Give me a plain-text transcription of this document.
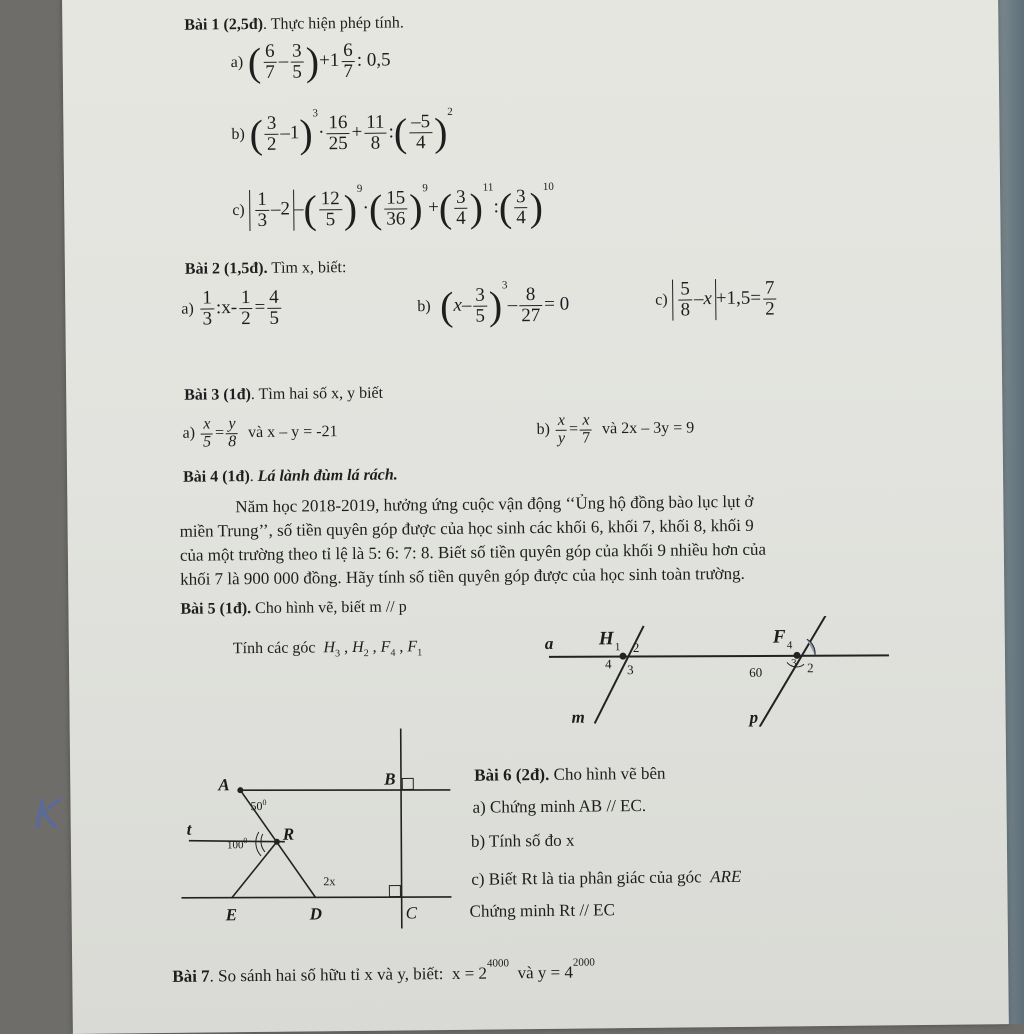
Bài 1 (2,5đ). Thực hiện phép tính.
a) ( $\frac{6}{7} - \frac{3}{5} )+1 \frac{6}{7}$ : 0,5
b) ( $\frac{3}{2} -1)^3\cdot \frac{16}{25} + \frac{11}{8}$ :( $\frac{-5}{4} )^2$
$c) \frac{1}{3} -2$ –( $\frac{12}{5} )^9\cdot( \frac{15}{36} )^9+( \frac{3}{4}$ )$^{11}:( \frac{3}{4} )^{10}$
Bài 2 (1,5đ). Tìm x, biết:
$a) \frac{1}{3}$ :x- $\frac{1}{2} = \frac{4}{5}$	b) $(x- \frac{3}{5} )^3- \frac{8}{27} = 0$	$c) \frac{5}{8} -x +1,5= \frac{7}{2}$
Bài 3 (1đ). Tìm hai số x, y biết
$a) \frac{x}{5} = \frac{y}{8}$ và x – y = -21	$b) \frac{x}{y} = \frac{x}{7}$ và 2x – 3y = 9
Bài 4 (1đ). Lá lành đùm lá rách.
Năm học 2018-2019, hưởng ứng cuộc vận động ‘‘Ủng hộ đồng bào lục lụt ở
miền Trung’’, số tiền quyên góp được của học sinh các khối 6, khối 7, khối 8, khối 9
của một trường theo tỉ lệ là 5: 6: 7: 8. Biết số tiền quyên góp của khối 9 nhiều hơn của
khối 7 là 900 000 đồng. Hãy tính số tiền quyên góp được của học sinh toàn trường.
Bài 5 (1đ). Cho hình vẽ, biết m // p
Tính các góc  $H_3$ , $H_2$ , $F_4$ , $F_1$	a
m	p
H 1	F 4
2
4 3	60
3 2
A	B
C
D
E
R
t
$50^0$
$100^0$
2x
Bài 6 (2đ). Cho hình vẽ bên
a) Chứng minh AB // EC.
b) Tính số đo x
c) Biết Rt là tia phân giác của góc ARE
Chứng minh Rt // EC
Bài 7. So sánh hai số hữu tỉ x và y, biết: $x = 2^{4000}$ và $y = 4^{2000}$
K
